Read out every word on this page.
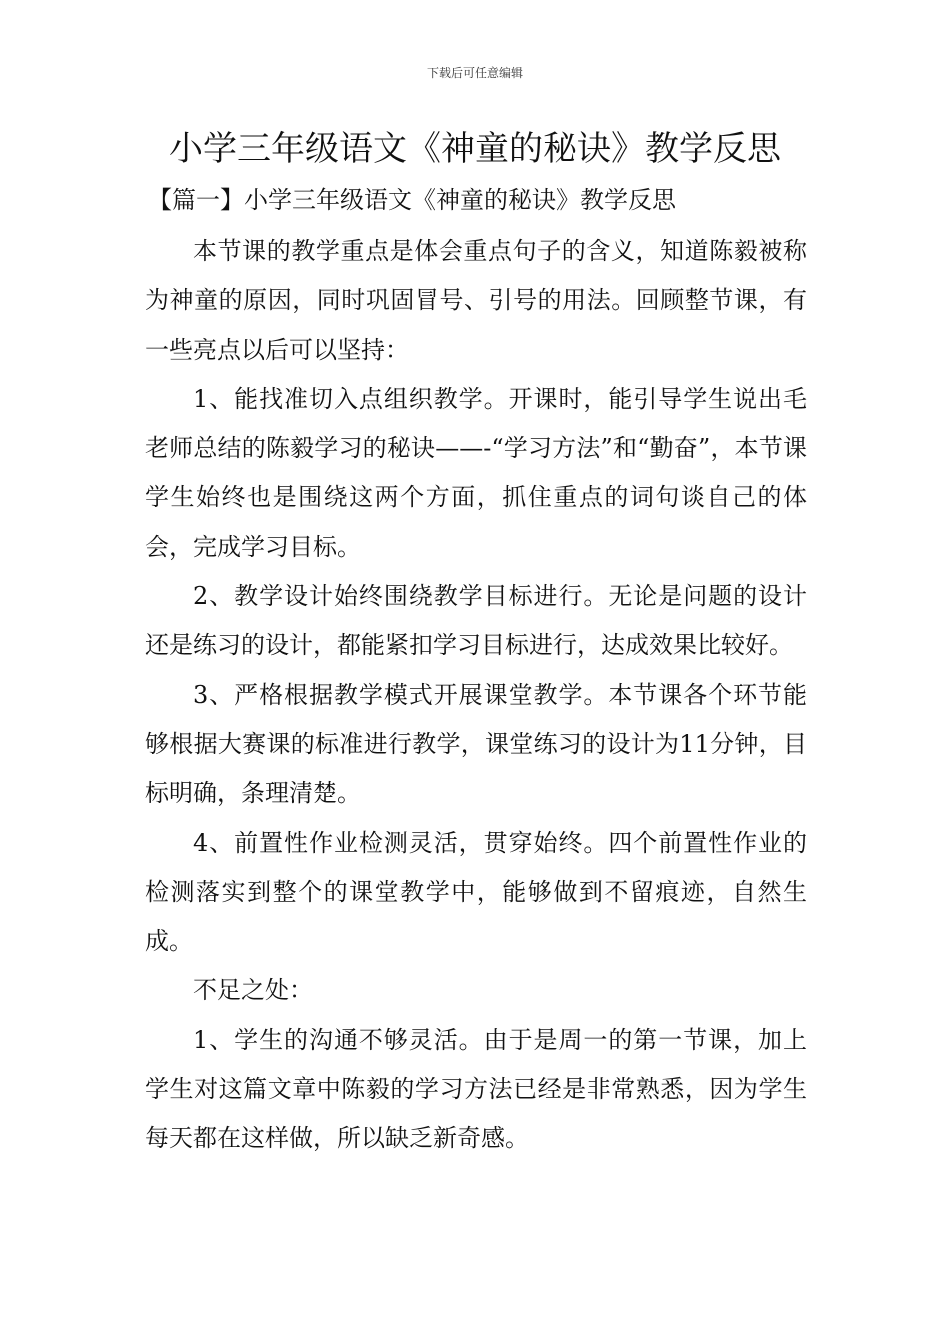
下载后可任意编辑
小学三年级语文《神童的秘诀》教学反思
【篇一】小学三年级语文《神童的秘诀》教学反思

本节课的教学重点是体会重点句子的含义，知道陈毅被称为神童的原因，同时巩固冒号、引号的用法。回顾整节课，有一些亮点以后可以坚持：

1、能找准切入点组织教学。开课时，能引导学生说出毛老师总结的陈毅学习的秘诀——-“学习方法”和“勤奋”，本节课学生始终也是围绕这两个方面，抓住重点的词句谈自己的体会，完成学习目标。

2、教学设计始终围绕教学目标进行。无论是问题的设计还是练习的设计，都能紧扣学习目标进行，达成效果比较好。

3、严格根据教学模式开展课堂教学。本节课各个环节能够根据大赛课的标准进行教学，课堂练习的设计为11分钟，目标明确，条理清楚。

4、前置性作业检测灵活，贯穿始终。四个前置性作业的检测落实到整个的课堂教学中，能够做到不留痕迹，自然生成。

不足之处：

1、学生的沟通不够灵活。由于是周一的第一节课，加上学生对这篇文章中陈毅的学习方法已经是非常熟悉，因为学生每天都在这样做，所以缺乏新奇感。
